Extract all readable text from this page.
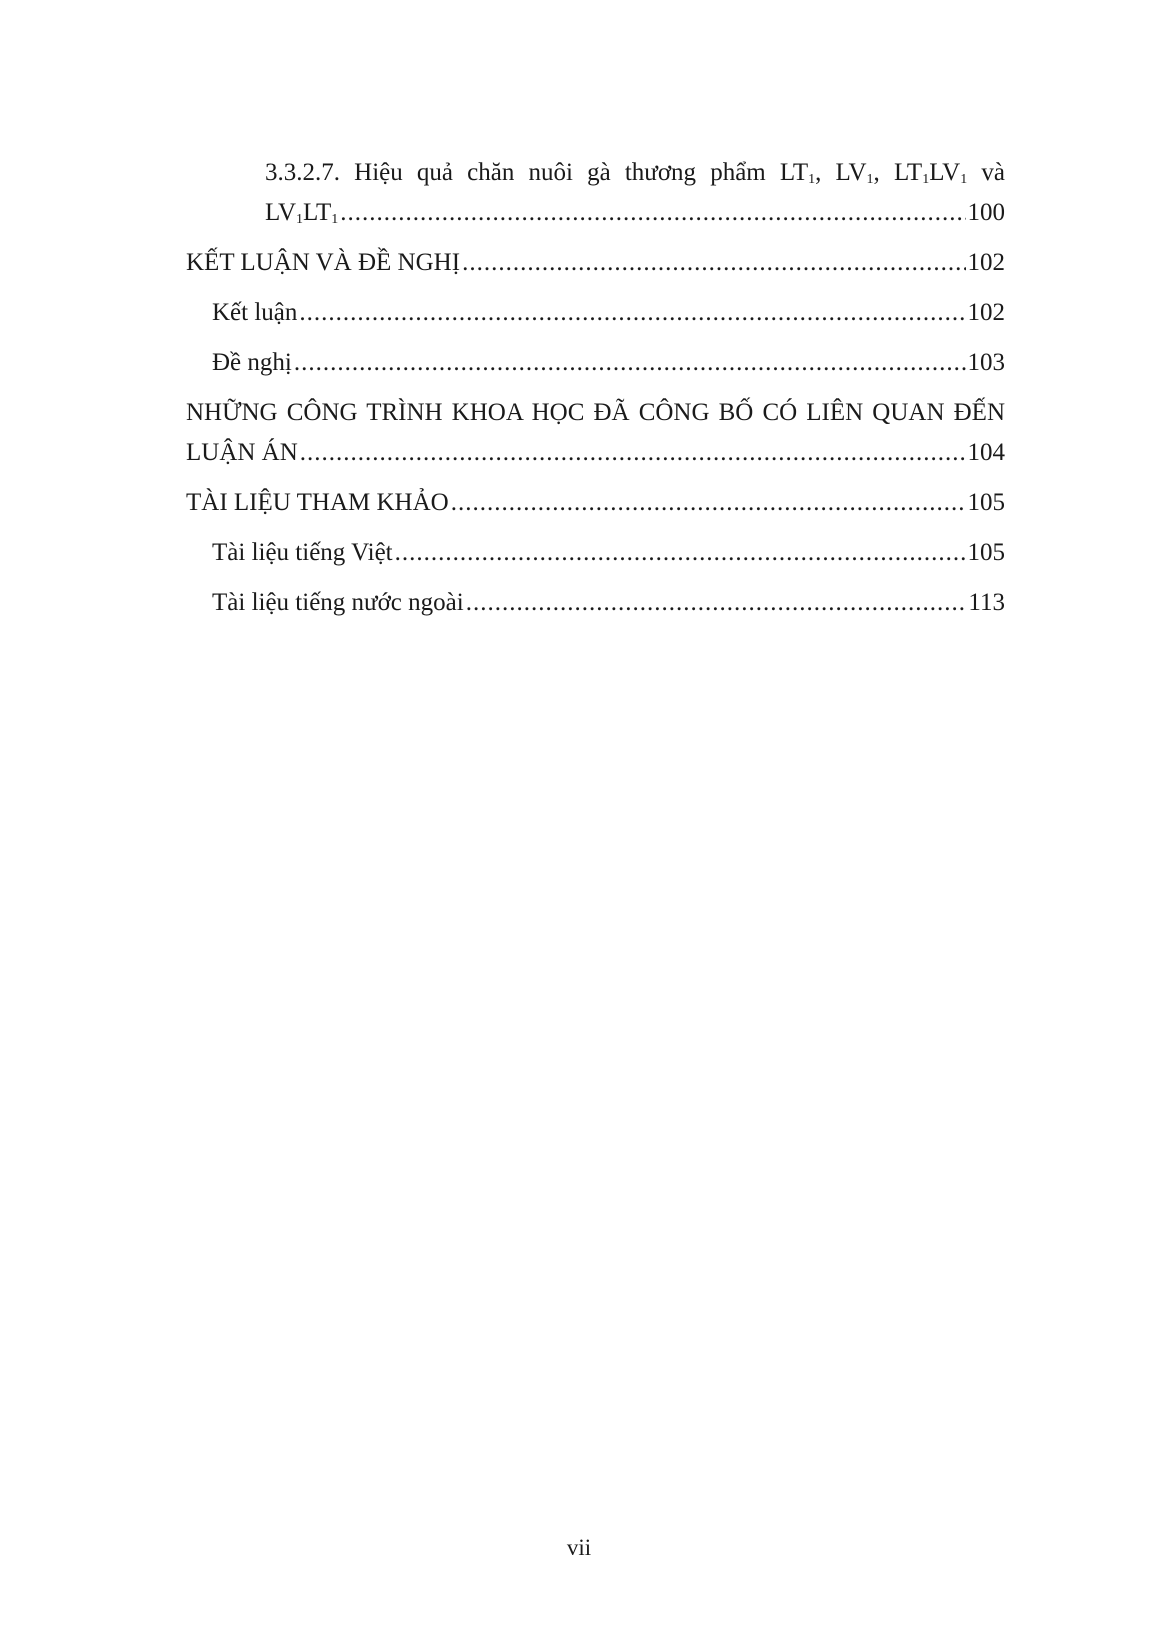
3.3.2.7. Hiệu quả chăn nuôi gà thương phẩm $LT_1$, $LV_1$, $LT_1LV_1$ và
$LV_1LT_1$ .....	100
KẾT LUẬN VÀ ĐỀ NGHỊ .....	102
Kết luận .....	102
Đề nghị .....	103
NHỮNG CÔNG TRÌNH KHOA HỌC ĐÃ CÔNG BỐ CÓ LIÊN QUAN ĐẾN
LUẬN ÁN .....	104
TÀI LIỆU THAM KHẢO .....	105
Tài liệu tiếng Việt .....	105
Tài liệu tiếng nước ngoài .....	113
vii
